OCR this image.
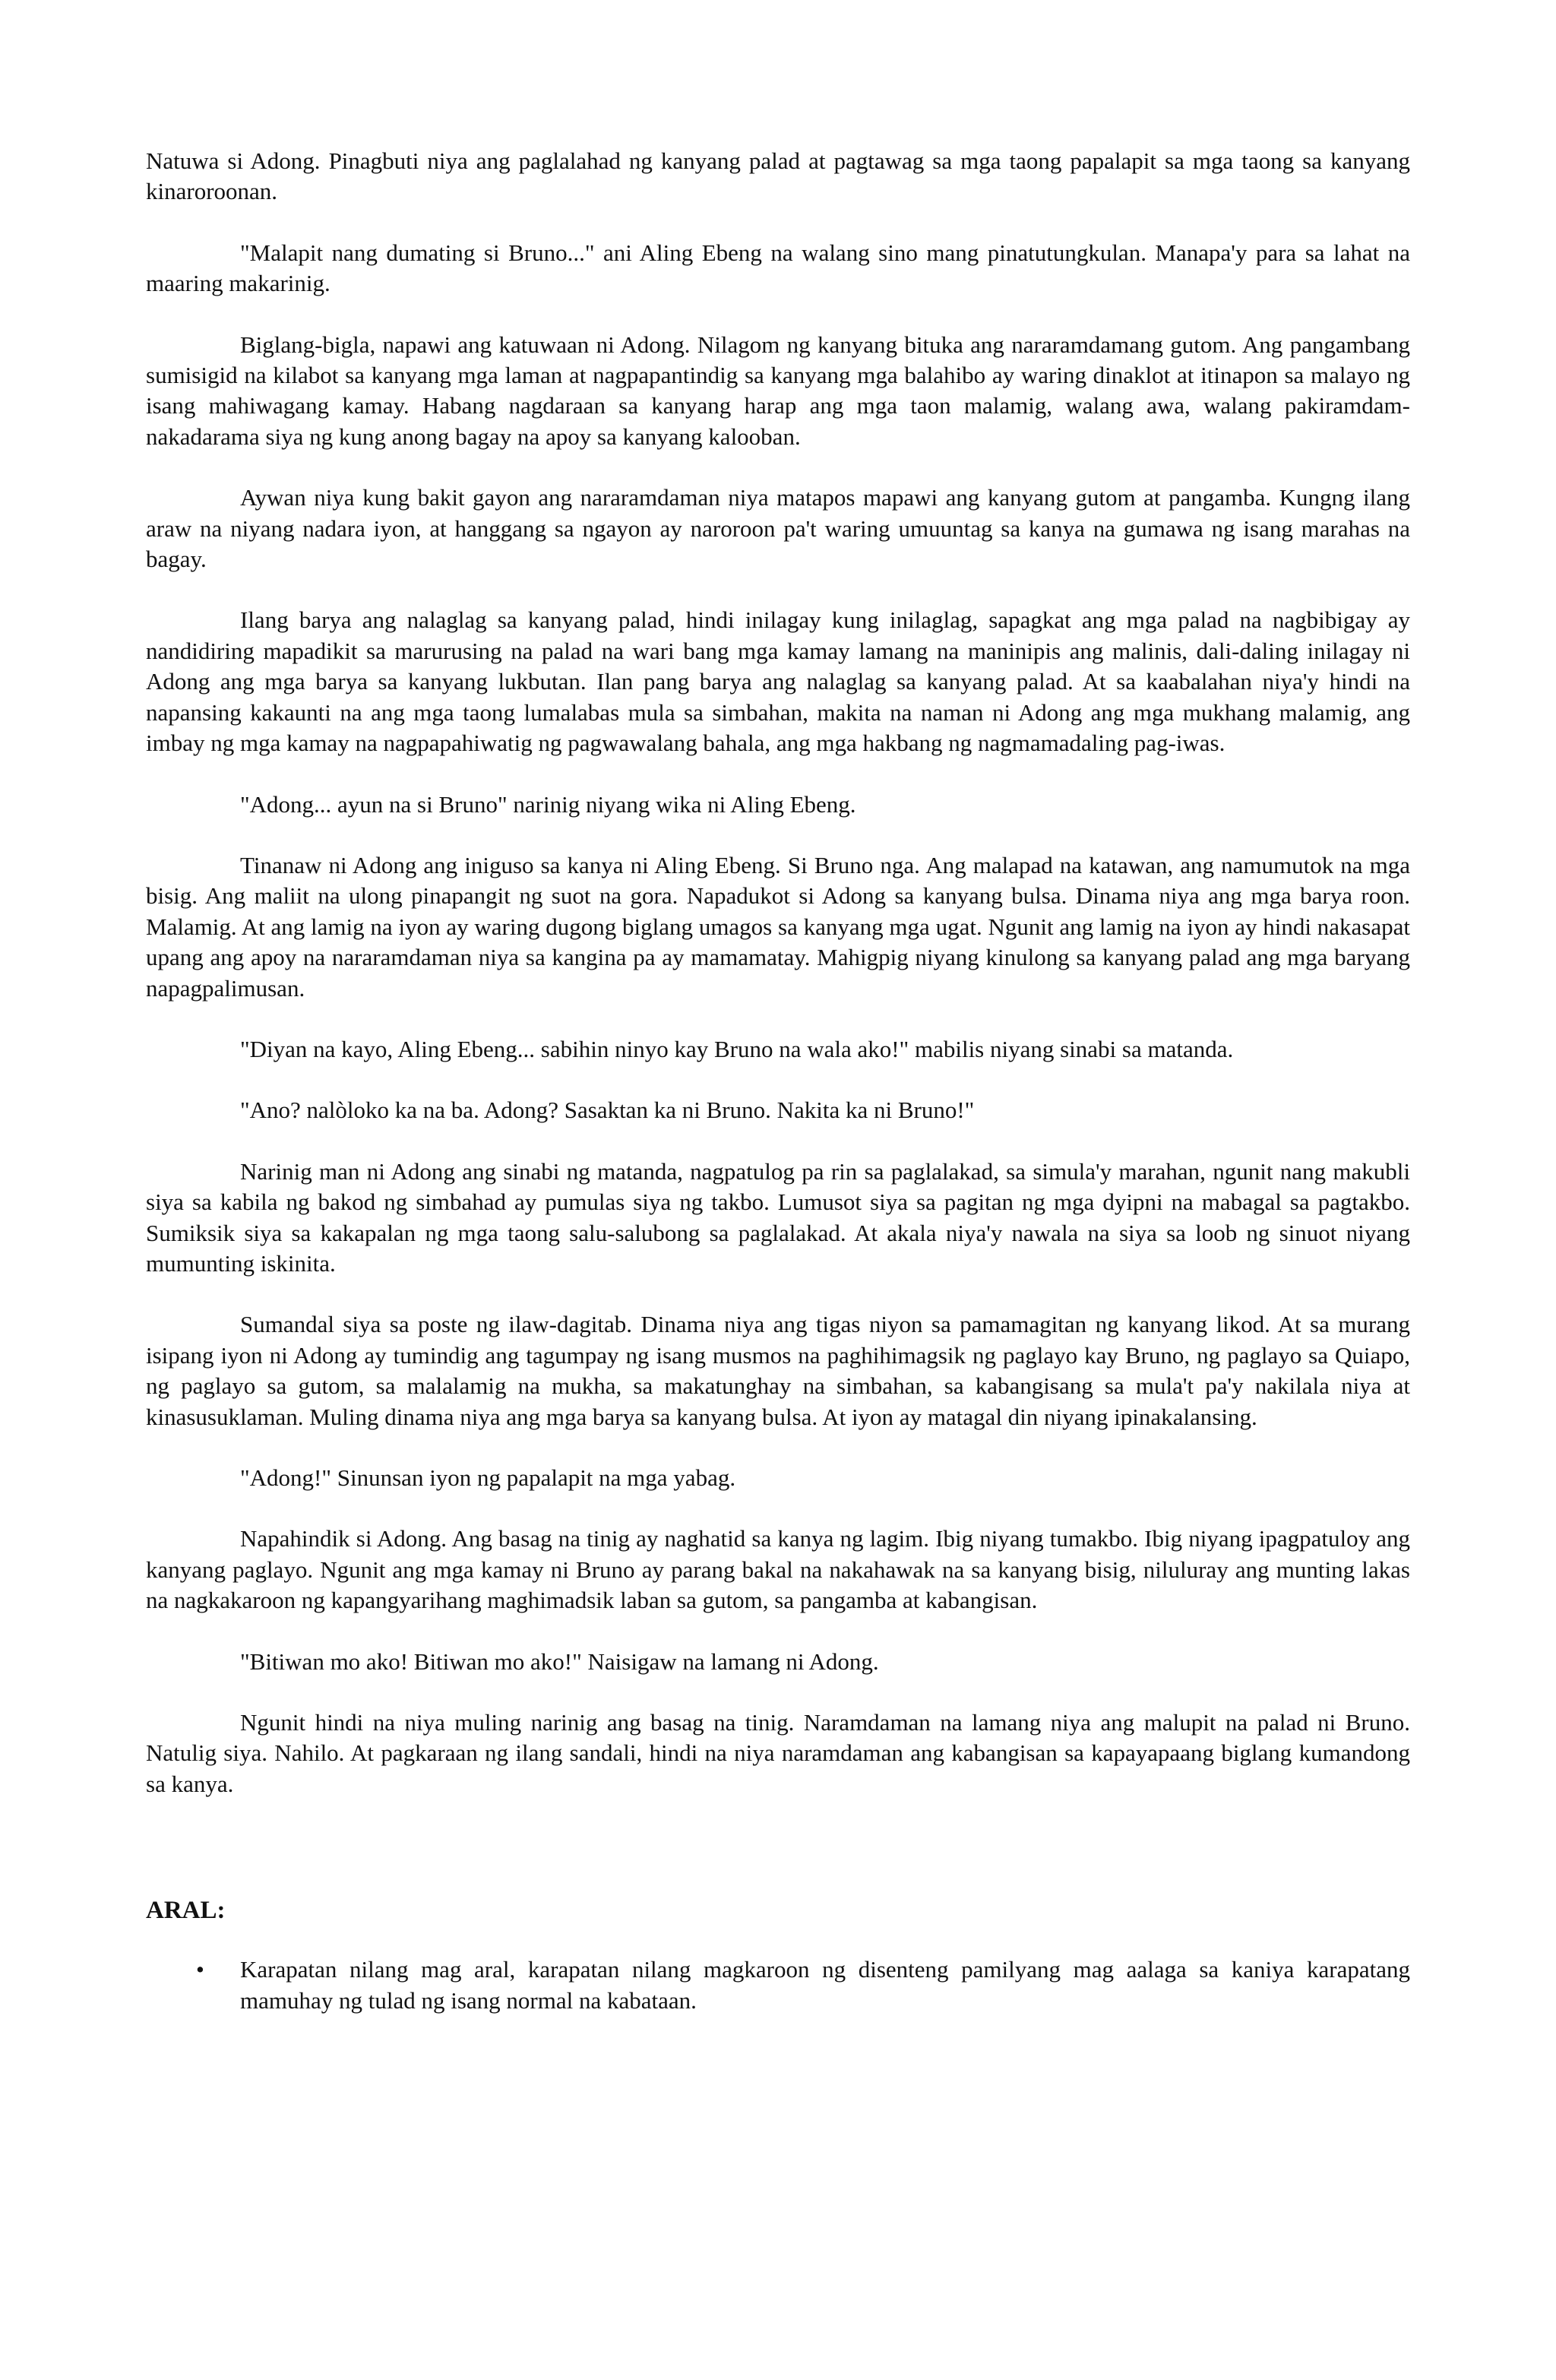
Natuwa si Adong. Pinagbuti niya ang paglalahad ng kanyang palad at pagtawag sa mga taong papalapit sa mga taong sa kanyang kinaroroonan.

"Malapit nang dumating si Bruno..." ani Aling Ebeng na walang sino mang pinatutungkulan. Manapa'y para sa lahat na maaring makarinig.

Biglang-bigla, napawi ang katuwaan ni Adong. Nilagom ng kanyang bituka ang nararamdamang gutom. Ang pangambang sumisigid na kilabot sa kanyang mga laman at nagpapantindig sa kanyang mga balahibo ay waring dinaklot at itinapon sa malayo ng isang mahiwagang kamay. Habang nagdaraan sa kanyang harap ang mga taon malamig, walang awa, walang pakiramdam-nakadarama siya ng kung anong bagay na apoy sa kanyang kalooban.

Aywan niya kung bakit gayon ang nararamdaman niya matapos mapawi ang kanyang gutom at pangamba. Kungng ilang araw na niyang nadara iyon, at hanggang sa ngayon ay naroroon pa't waring umuuntag sa kanya na gumawa ng isang marahas na bagay.

Ilang barya ang nalaglag sa kanyang palad, hindi inilagay kung inilaglag, sapagkat ang mga palad na nagbibigay ay nandidiring mapadikit sa marurusing na palad na wari bang mga kamay lamang na maninipis ang malinis, dali-daling inilagay ni Adong ang mga barya sa kanyang lukbutan. Ilan pang barya ang nalaglag sa kanyang palad. At sa kaabalahan niya'y hindi na napansing kakaunti na ang mga taong lumalabas mula sa simbahan, makita na naman ni Adong ang mga mukhang malamig, ang imbay ng mga kamay na nagpapahiwatig ng pagwawalang bahala, ang mga hakbang ng nagmamadaling pag-iwas.

"Adong... ayun na si Bruno" narinig niyang wika ni Aling Ebeng.

Tinanaw ni Adong ang iniguso sa kanya ni Aling Ebeng. Si Bruno nga. Ang malapad na katawan, ang namumutok na mga bisig. Ang maliit na ulong pinapangit ng suot na gora. Napadukot si Adong sa kanyang bulsa. Dinama niya ang mga barya roon. Malamig. At ang lamig na iyon ay waring dugong biglang umagos sa kanyang mga ugat. Ngunit ang lamig na iyon ay hindi nakasapat upang ang apoy na nararamdaman niya sa kangina pa ay mamamatay. Mahigpig niyang kinulong sa kanyang palad ang mga baryang napagpalimusan.

"Diyan na kayo, Aling Ebeng... sabihin ninyo kay Bruno na wala ako!" mabilis niyang sinabi sa matanda.

"Ano? nalòloko ka na ba. Adong? Sasaktan ka ni Bruno. Nakita ka ni Bruno!"

Narinig man ni Adong ang sinabi ng matanda, nagpatulog pa rin sa paglalakad, sa simula'y marahan, ngunit nang makubli siya sa kabila ng bakod ng simbahad ay pumulas siya ng takbo. Lumusot siya sa pagitan ng mga dyipni na mabagal sa pagtakbo. Sumiksik siya sa kakapalan ng mga taong salu-salubong sa paglalakad. At akala niya'y nawala na siya sa loob ng sinuot niyang mumunting iskinita.

Sumandal siya sa poste ng ilaw-dagitab. Dinama niya ang tigas niyon sa pamamagitan ng kanyang likod. At sa murang isipang iyon ni Adong ay tumindig ang tagumpay ng isang musmos na paghihimagsik ng paglayo kay Bruno, ng paglayo sa Quiapo, ng paglayo sa gutom, sa malalamig na mukha, sa makatunghay na simbahan, sa kabangisang sa mula't pa'y nakilala niya at kinasusuklaman. Muling dinama niya ang mga barya sa kanyang bulsa. At iyon ay matagal din niyang ipinakalansing.

"Adong!" Sinunsan iyon ng papalapit na mga yabag.

Napahindik si Adong. Ang basag na tinig ay naghatid sa kanya ng lagim. Ibig niyang tumakbo. Ibig niyang ipagpatuloy ang kanyang paglayo. Ngunit ang mga kamay ni Bruno ay parang bakal na nakahawak na sa kanyang bisig, niluluray ang munting lakas na nagkakaroon ng kapangyarihang maghimadsik laban sa gutom, sa pangamba at kabangisan.

"Bitiwan mo ako! Bitiwan mo ako!" Naisigaw na lamang ni Adong.

Ngunit hindi na niya muling narinig ang basag na tinig. Naramdaman na lamang niya ang malupit na palad ni Bruno. Natulig siya. Nahilo. At pagkaraan ng ilang sandali, hindi na niya naramdaman ang kabangisan sa kapayapaang biglang kumandong sa kanya.

ARAL:
• Karapatan nilang mag aral, karapatan nilang magkaroon ng disenteng pamilyang mag aalaga sa kaniya karapatang mamuhay ng tulad ng isang normal na kabataan.
